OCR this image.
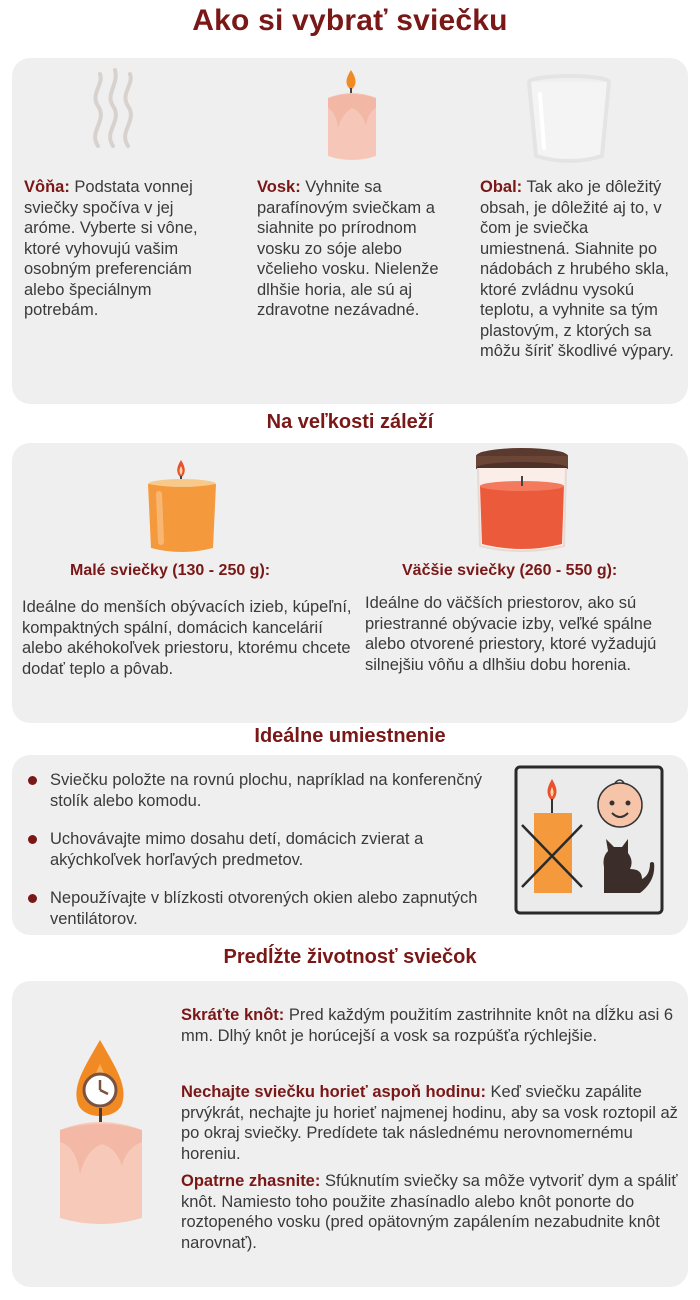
Ako si vybrať sviečku
Vôňa: Podstata vonnej sviečky spočíva v jej aróme. Vyberte si vône, ktoré vyhovujú vašim osobným preferenciám alebo špeciálnym potrebám.
Vosk: Vyhnite sa parafínovým sviečkam a siahnite po prírodnom vosku zo sóje alebo včelieho vosku. Nielenže dlhšie horia, ale sú aj zdravotne nezávadné.
Obal: Tak ako je dôležitý obsah, je dôležité aj to, v čom je sviečka umiestnená. Siahnite po nádobách z hrubého skla, ktoré zvládnu vysokú teplotu, a vyhnite sa tým plastovým, z ktorých sa môžu šíriť škodlivé výpary.
Na veľkosti záleží
Malé sviečky (130 - 250 g):	Väčšie sviečky (260 - 550 g):
Ideálne do menších obývacích izieb, kúpeľní, kompaktných spální, domácich kancelárií alebo akéhokoľvek priestoru, ktorému chcete dodať teplo a pôvab.
Ideálne do väčších priestorov, ako sú priestranné obývacie izby, veľké spálne alebo otvorené priestory, ktoré vyžadujú silnejšiu vôňu a dlhšiu dobu horenia.
Ideálne umiestnenie
Sviečku položte na rovnú plochu, napríklad na konferenčný stolík alebo komodu.
Uchovávajte mimo dosahu detí, domácich zvierat a akýchkoľvek horľavých predmetov.
Nepoužívajte v blízkosti otvorených okien alebo zapnutých ventilátorov.
Predĺžte životnosť sviečok
Skráťte knôt: Pred každým použitím zastrihnite knôt na dĺžku asi 6 mm. Dlhý knôt je horúcejší a vosk sa rozpúšťa rýchlejšie.
Nechajte sviečku horieť aspoň hodinu: Keď sviečku zapálite prvýkrát, nechajte ju horieť najmenej hodinu, aby sa vosk roztopil až po okraj sviečky. Predídete tak následnému nerovnomernému horeniu.
Opatrne zhasnite: Sfúknutím sviečky sa môže vytvoriť dym a spáliť knôt. Namiesto toho použite zhasínadlo alebo knôt ponorte do roztopeného vosku (pred opätovným zapálením nezabudnite knôt narovnať).
